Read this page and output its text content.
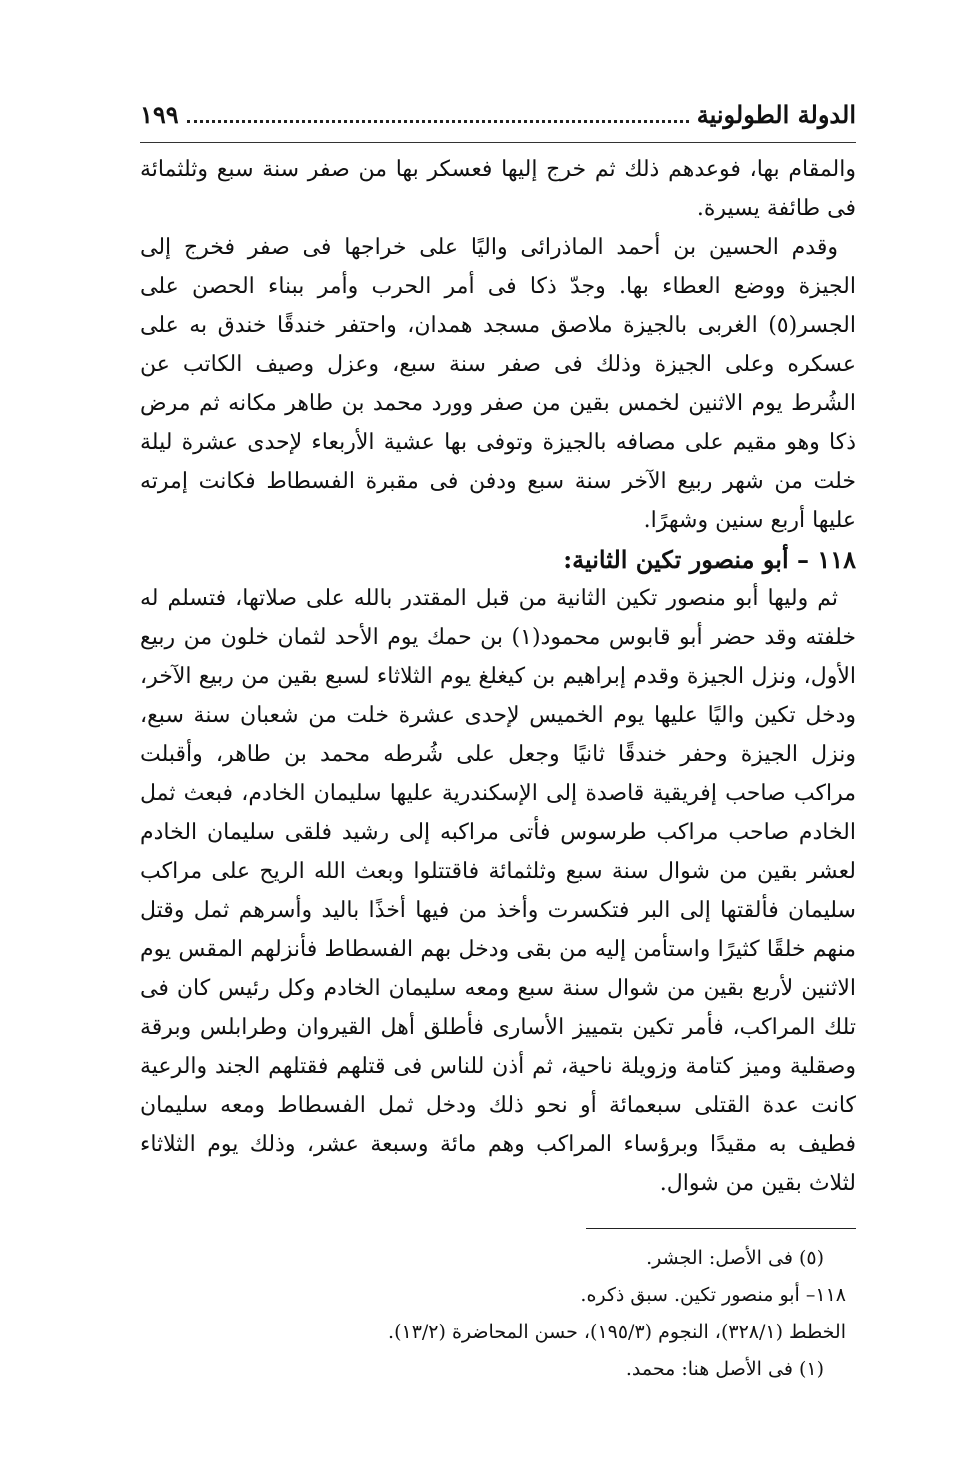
الدولة الطولونية
١٩٩

والمقام بها، فوعدهم ذلك ثم خرج إليها فعسكر بها من صفر سنة سبع وثلثمائة فى طائفة يسيرة.

وقدم الحسين بن أحمد الماذرائى واليًا على خراجها فى صفر فخرج إلى الجيزة ووضع العطاء بها. وجدّ ذكا فى أمر الحرب وأمر ببناء الحصن على الجسر(٥) الغربى بالجيزة ملاصق مسجد همدان، واحتفر خندقًا خندق به على عسكره وعلى الجيزة وذلك فى صفر سنة سبع، وعزل وصيف الكاتب عن الشُرط يوم الاثنين لخمس بقين من صفر وورد محمد بن طاهر مكانه ثم مرض ذكا وهو مقيم على مصافه بالجيزة وتوفى بها عشية الأربعاء لإحدى عشرة ليلة خلت من شهر ربيع الآخر سنة سبع ودفن فى مقبرة الفسطاط فكانت إمرته عليها أربع سنين وشهرًا.

١١٨ – أبو منصور تكين الثانية:

ثم وليها أبو منصور تكين الثانية من قبل المقتدر بالله على صلاتها، فتسلم له خلفته وقد حضر أبو قابوس محمود(١) بن حمك يوم الأحد لثمان خلون من ربيع الأول، ونزل الجيزة وقدم إبراهيم بن كيغلغ يوم الثلاثاء لسبع بقين من ربيع الآخر، ودخل تكين واليًا عليها يوم الخميس لإحدى عشرة خلت من شعبان سنة سبع، ونزل الجيزة وحفر خندقًا ثانيًا وجعل على شُرطه محمد بن طاهر، وأقبلت مراكب صاحب إفريقية قاصدة إلى الإسكندرية عليها سليمان الخادم، فبعث ثمل الخادم صاحب مراكب طرسوس فأتى مراكبه إلى رشيد فلقى سليمان الخادم لعشر بقين من شوال سنة سبع وثلثمائة فاقتتلوا وبعث الله الريح على مراكب سليمان فألقتها إلى البر فتكسرت وأخذ من فيها أخذًا باليد وأسرهم ثمل وقتل منهم خلقًا كثيرًا واستأمن إليه من بقى ودخل بهم الفسطاط فأنزلهم المقس يوم الاثنين لأربع بقين من شوال سنة سبع ومعه سليمان الخادم وكل رئيس كان فى تلك المراكب، فأمر تكين بتمييز الأسارى فأطلق أهل القيروان وطرابلس وبرقة وصقلية وميز كتامة وزويلة ناحية، ثم أذن للناس فى قتلهم فقتلهم الجند والرعية كانت عدة القتلى سبعمائة أو نحو ذلك ودخل ثمل الفسطاط ومعه سليمان فطيف به مقيدًا وبرؤساء المراكب وهم مائة وسبعة عشر، وذلك يوم الثلاثاء لثلاث بقين من شوال.

(٥) فى الأصل: الجشر.

١١٨– أبو منصور تكين. سبق ذكره.

الخطط (٣٢٨/١)، النجوم (١٩٥/٣)، حسن المحاضرة (١٣/٢).

(١) فى الأصل هنا: محمد.
